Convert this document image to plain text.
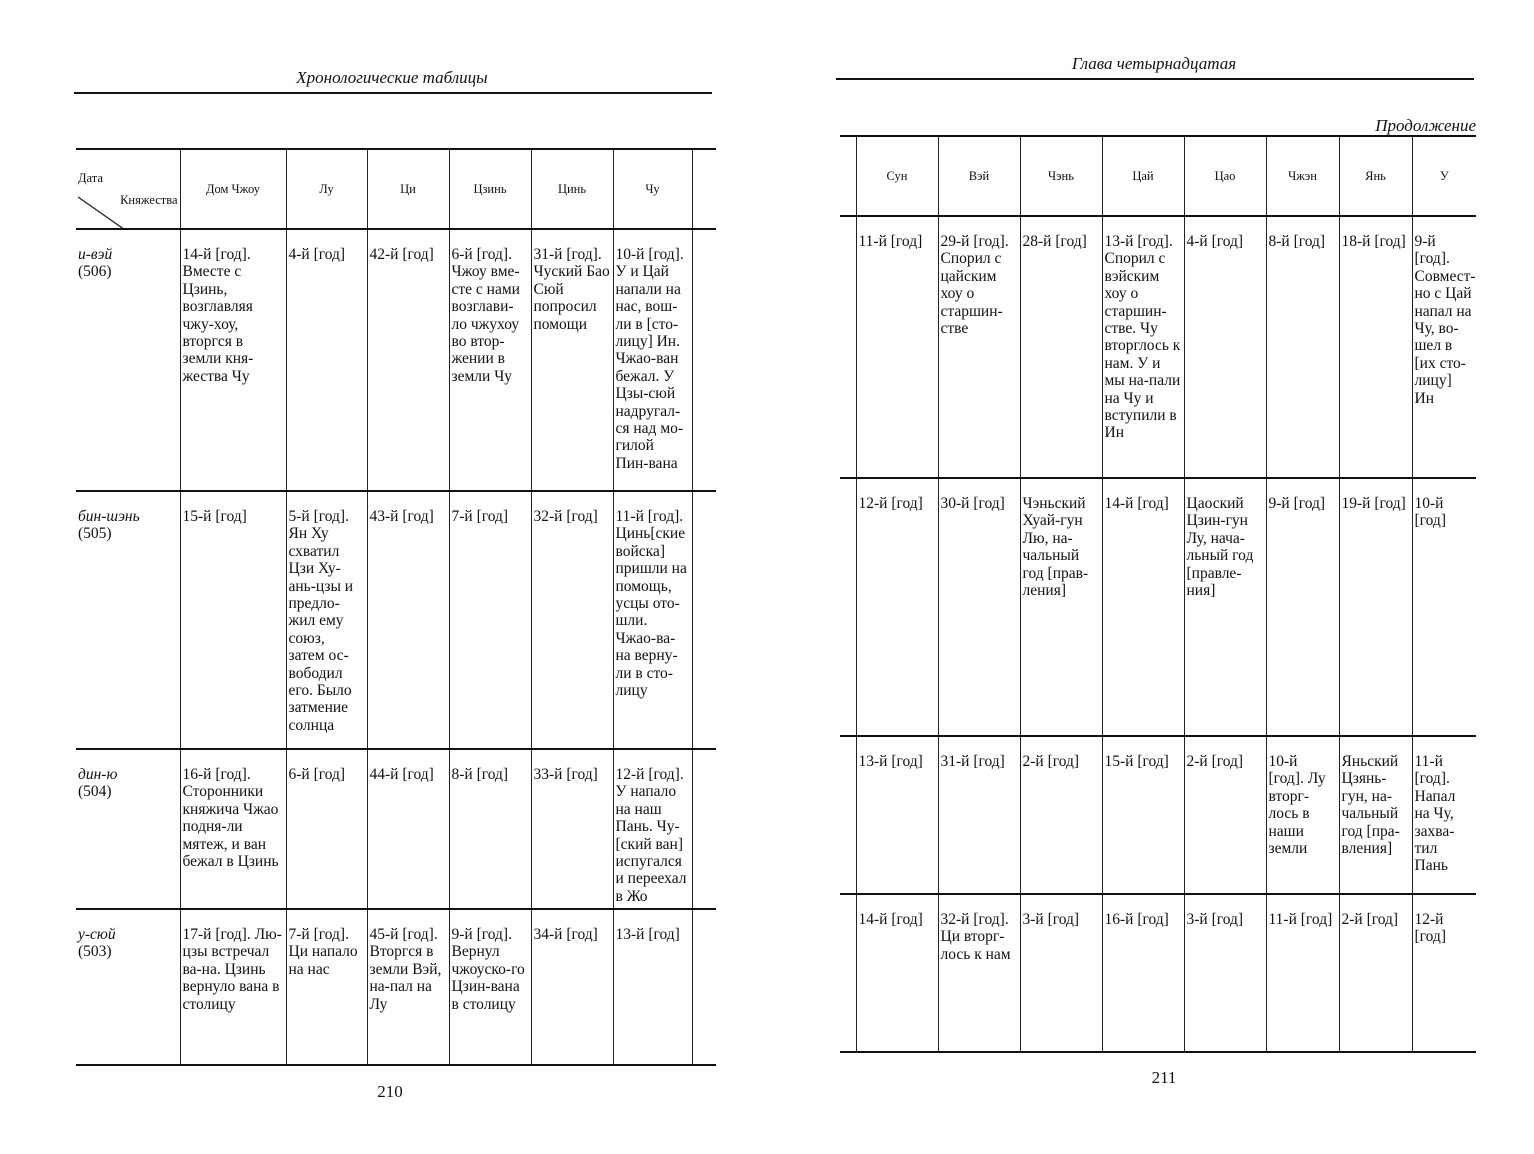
Хронологические таблицы
Княжества
Дата	Дом Чжоу	Лу	Ци	Цзинь	Цинь	Чу	
и-вэй
(506)	14-й [год]. Вместе с Цзинь, возглавляя чжу-хоу, вторгся в земли кня-жества Чу	4-й [год]	42-й [год]	6-й [год]. Чжоу вме-сте с нами возглави-ло чжухоу во втор-жении в земли Чу	31-й [год]. Чуский Бао Сюй попросил помощи	10-й [год]. У и Цай напали на нас, вош-ли в [сто-лицу] Ин. Чжао-ван бежал. У Цзы-сюй надругал-ся над мо-гилой Пин-вана	
бин-шэнь
(505)	15-й [год]	5-й [год]. Ян Ху схватил Цзи Ху-ань-цзы и предло-жил ему союз, затем ос-вободил его. Было затмение солнца	43-й [год]	7-й [год]	32-й [год]	11-й [год]. Цинь[ские войска] пришли на помощь, усцы ото-шли. Чжао-ва-на верну-ли в сто-лицу	
дин-ю
(504)	16-й [год]. Сторонники княжича Чжао подня-ли мятеж, и ван бежал в Цзинь	6-й [год]	44-й [год]	8-й [год]	33-й [год]	12-й [год]. У напало на наш Пань. Чу-[ский ван] испугался и переехал в Жо	
у-сюй
(503)	17-й [год]. Лю-цзы встречал ва-на. Цзинь вернуло вана в столицу	7-й [год]. Ци напало на нас	45-й [год]. Вторгся в земли Вэй, на-пал на Лу	9-й [год]. Вернул чжоуско-го Цзин-вана в столицу	34-й [год]	13-й [год]	
210
Глава четырнадцатая
Продолжение
	Сун	Вэй	Чэнь	Цай	Цао	Чжэн	Янь	У
	11-й [год]	29-й [год]. Спорил с цайским хоу о старшин-стве	28-й [год]	13-й [год]. Спорил с вэйским хоу о старшин-стве. Чу вторглось к нам. У и мы на-пали на Чу и вступили в Ин	4-й [год]	8-й [год]	18-й [год]	9-й [год]. Совмест-но с Цай напал на Чу, во-шел в [их сто-лицу] Ин
	12-й [год]	30-й [год]	Чэньский Хуай-гун Лю, на-чальный год [прав-ления]	14-й [год]	Цаоский Цзин-гун Лу, нача-льный год [правле-ния]	9-й [год]	19-й [год]	10-й [год]
	13-й [год]	31-й [год]	2-й [год]	15-й [год]	2-й [год]	10-й [год]. Лу вторг-лось в наши земли	Яньский Цзянь-гун, на-чальный год [пра-вления]	11-й [год]. Напал на Чу, захва-тил Пань
	14-й [год]	32-й [год]. Ци вторг-лось к нам	3-й [год]	16-й [год]	3-й [год]	11-й [год]	2-й [год]	12-й [год]
211
